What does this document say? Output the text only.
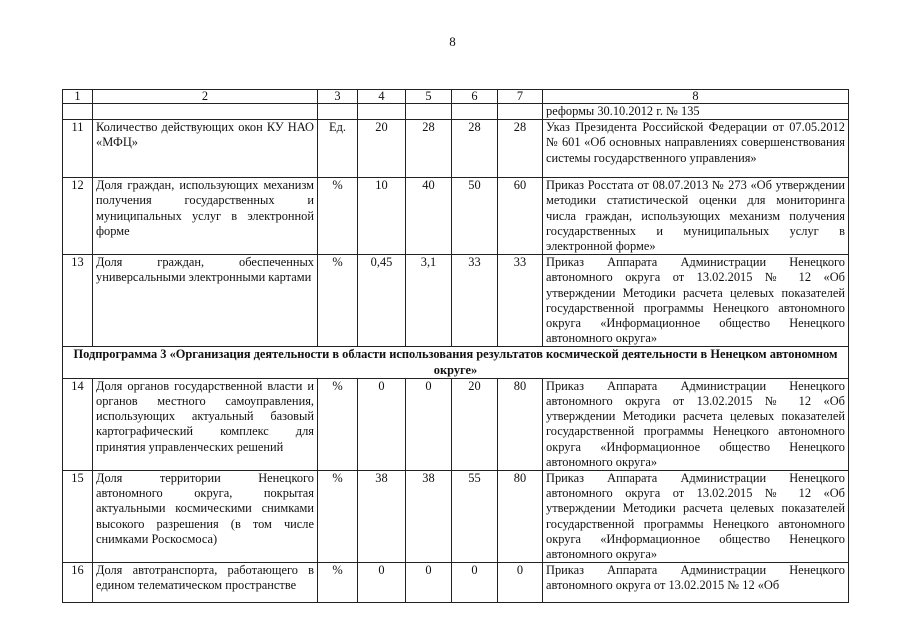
8
1	2	3	4	5	6	7	8
							реформы 30.10.2012 г. № 135
11	Количество действующих окон КУ НАО «МФЦ»	Ед.	20	28	28	28	Указ Президента Российской Федерации от 07.05.2012 № 601 «Об основных направлениях совершенствования системы государственного управления»
12	Доля граждан, использующих механизм получения государственных и муниципальных услуг в электронной форме	%	10	40	50	60	Приказ Росстата от 08.07.2013 № 273 «Об утверждении методики статистической оценки для мониторинга числа граждан, использующих механизм получения государственных и муниципальных услуг в электронной форме»
13	Доля граждан, обеспеченных универсальными электронными картами	%	0,45	3,1	33	33	Приказ Аппарата Администрации Ненецкого автономного округа от 13.02.2015 № 12 «Об утверждении Методики расчета целевых показателей государственной программы Ненецкого автономного округа «Информационное общество Ненецкого автономного округа»
Подпрограмма 3 «Организация деятельности в области использования результатов космической деятельности в Ненецком автономном округе»							
14	Доля органов государственной власти и органов местного самоуправления, использующих актуальный базовый картографический комплекс для принятия управленческих решений	%	0	0	20	80	Приказ Аппарата Администрации Ненецкого автономного округа от 13.02.2015 № 12 «Об утверждении Методики расчета целевых показателей государственной программы Ненецкого автономного округа «Информационное общество Ненецкого автономного округа»
15	Доля территории Ненецкого автономного округа, покрытая актуальными космическими снимками высокого разрешения (в том числе снимками Роскосмоса)	%	38	38	55	80	Приказ Аппарата Администрации Ненецкого автономного округа от 13.02.2015 № 12 «Об утверждении Методики расчета целевых показателей государственной программы Ненецкого автономного округа «Информационное общество Ненецкого автономного округа»
16	Доля автотранспорта, работающего в едином телематическом пространстве	%	0	0	0	0	Приказ Аппарата Администрации Ненецкого автономного округа от 13.02.2015 № 12 «Об
